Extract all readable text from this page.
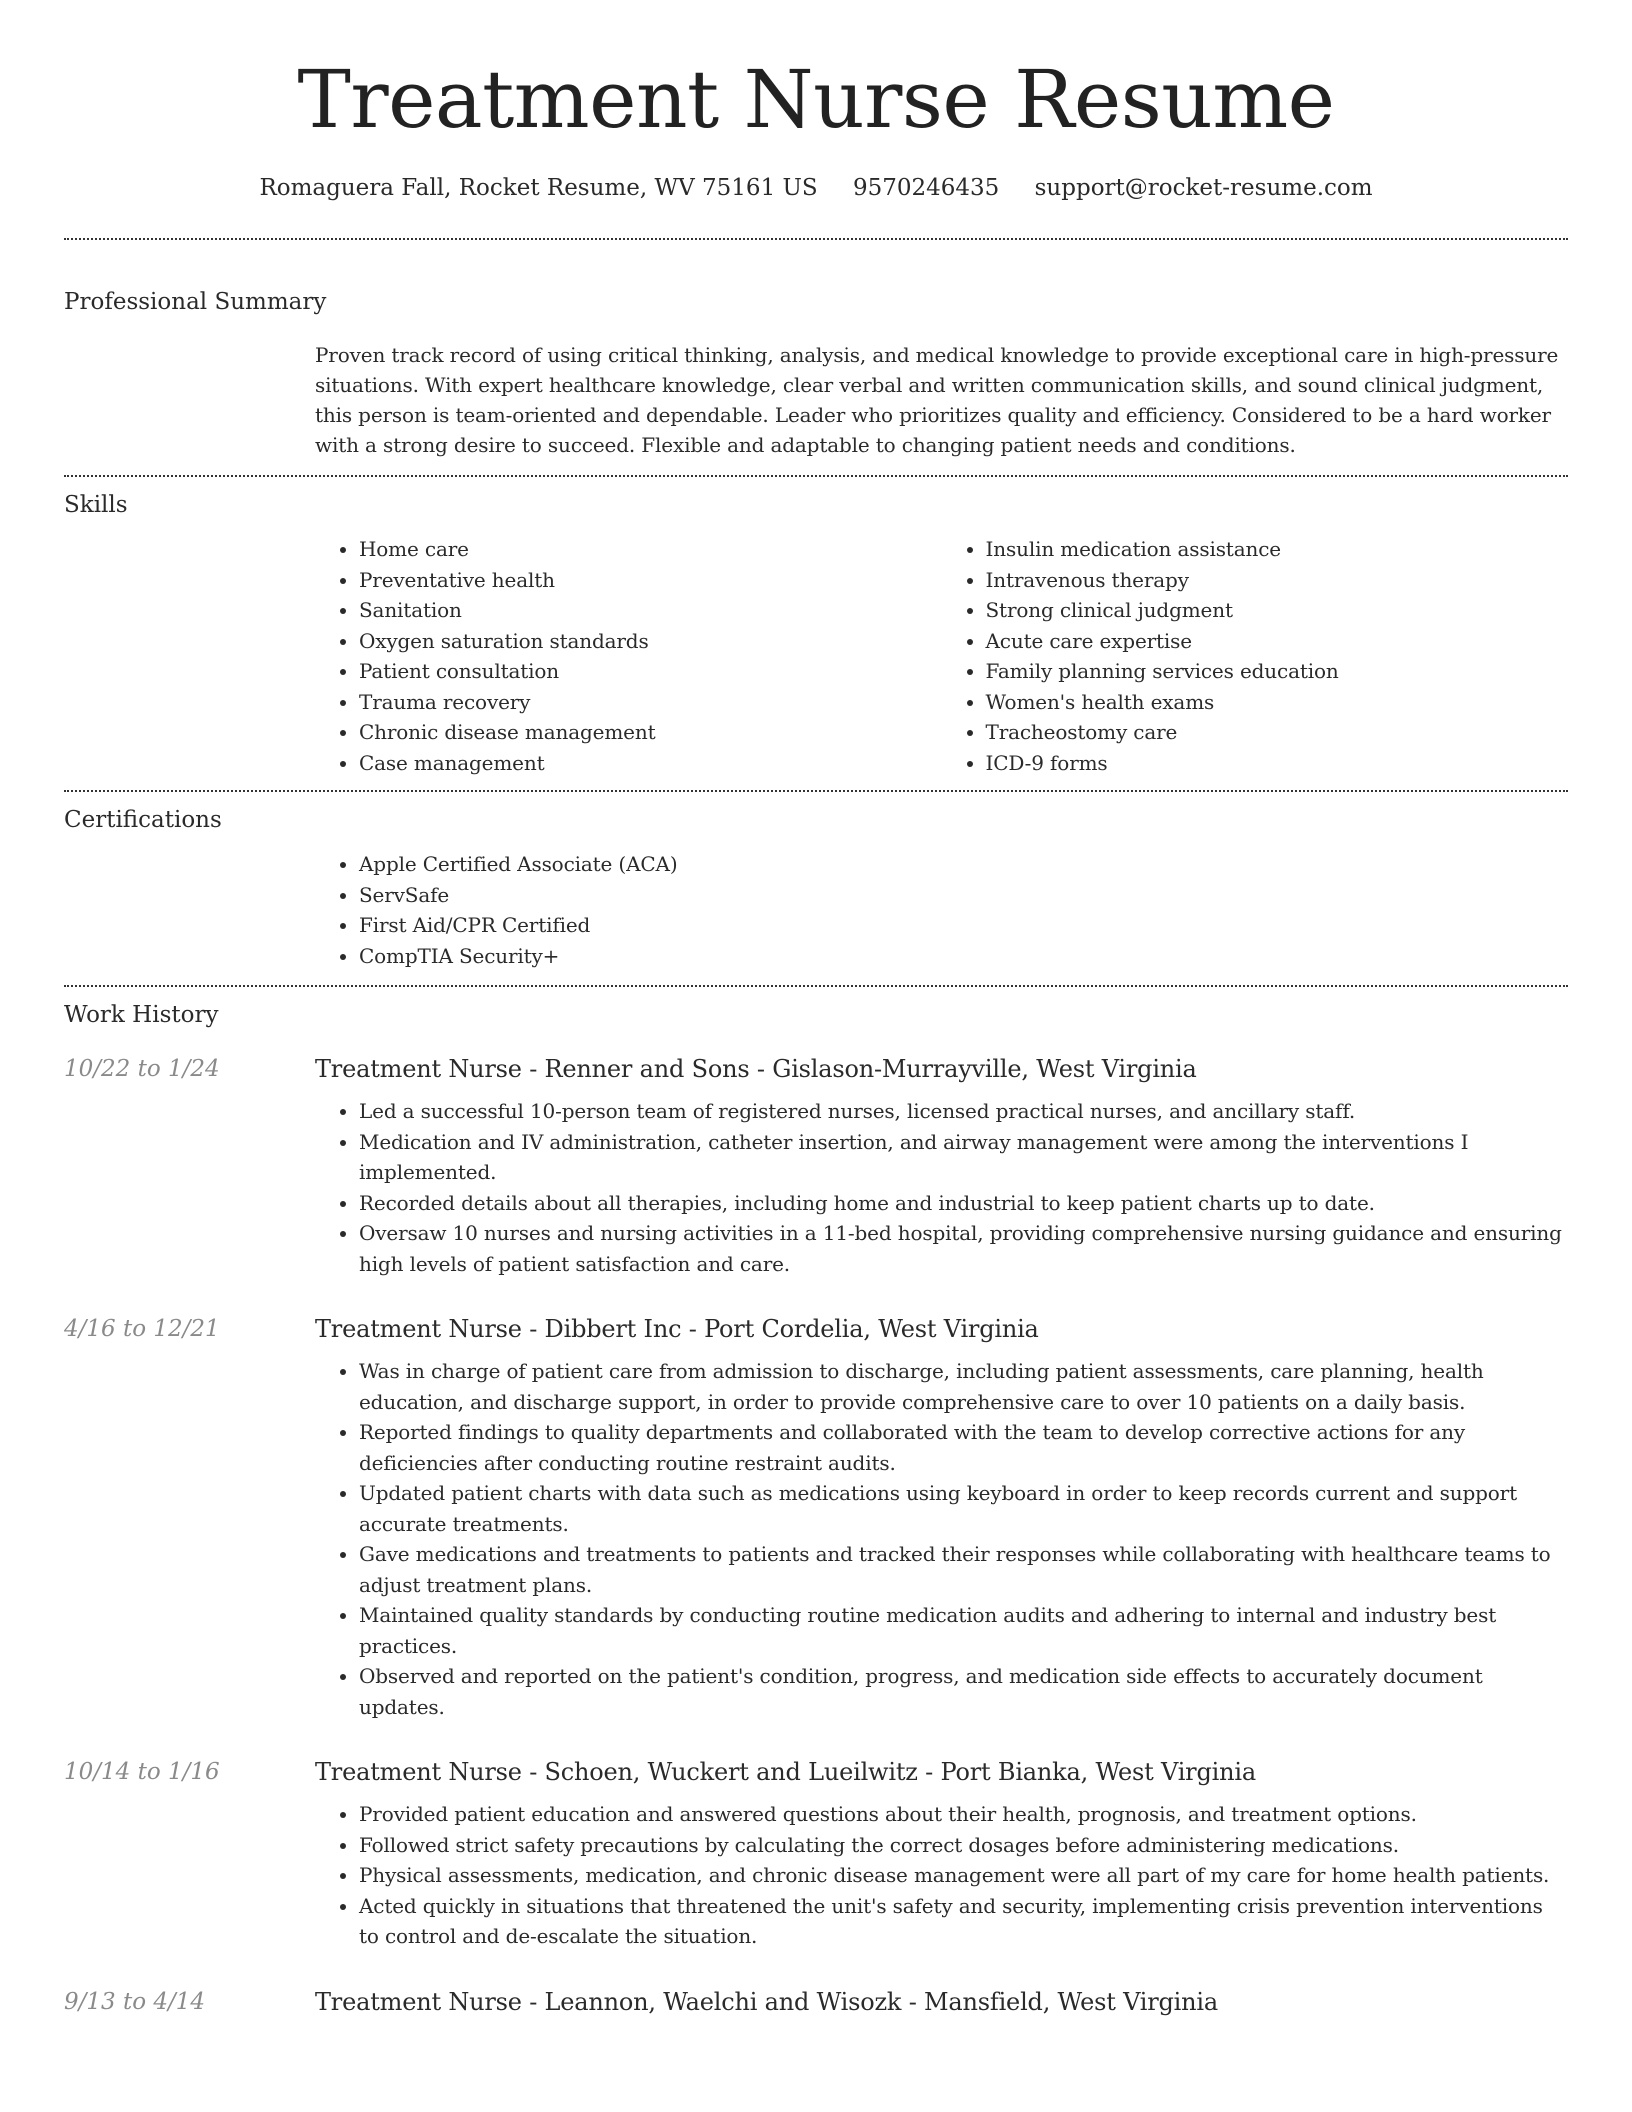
Treatment Nurse Resume
Romaguera Fall, Rocket Resume, WV 75161 US 9570246435 support@rocket-resume.com
Professional Summary
Proven track record of using critical thinking, analysis, and medical knowledge to provide exceptional care in high-pressure situations. With expert healthcare knowledge, clear verbal and written communication skills, and sound clinical judgment, this person is team-oriented and dependable. Leader who prioritizes quality and efficiency. Considered to be a hard worker with a strong desire to succeed. Flexible and adaptable to changing patient needs and conditions.
Skills
• Home care
• Preventative health
• Sanitation
• Oxygen saturation standards
• Patient consultation
• Trauma recovery
• Chronic disease management
• Case management
• Insulin medication assistance
• Intravenous therapy
• Strong clinical judgment
• Acute care expertise
• Family planning services education
• Women's health exams
• Tracheostomy care
• ICD-9 forms
Certifications
• Apple Certified Associate (ACA)
• ServSafe
• First Aid/CPR Certified
• CompTIA Security+
Work History
10/22 to 1/24	Treatment Nurse - Renner and Sons - Gislason-Murrayville, West Virginia
• Led a successful 10-person team of registered nurses, licensed practical nurses, and ancillary staff.
• Medication and IV administration, catheter insertion, and airway management were among the interventions I implemented.
• Recorded details about all therapies, including home and industrial to keep patient charts up to date.
• Oversaw 10 nurses and nursing activities in a 11-bed hospital, providing comprehensive nursing guidance and ensuring high levels of patient satisfaction and care.
4/16 to 12/21	Treatment Nurse - Dibbert Inc - Port Cordelia, West Virginia
• Was in charge of patient care from admission to discharge, including patient assessments, care planning, health education, and discharge support, in order to provide comprehensive care to over 10 patients on a daily basis.
• Reported findings to quality departments and collaborated with the team to develop corrective actions for any deficiencies after conducting routine restraint audits.
• Updated patient charts with data such as medications using keyboard in order to keep records current and support accurate treatments.
• Gave medications and treatments to patients and tracked their responses while collaborating with healthcare teams to adjust treatment plans.
• Maintained quality standards by conducting routine medication audits and adhering to internal and industry best practices.
• Observed and reported on the patient's condition, progress, and medication side effects to accurately document updates.
10/14 to 1/16	Treatment Nurse - Schoen, Wuckert and Lueilwitz - Port Bianka, West Virginia
• Provided patient education and answered questions about their health, prognosis, and treatment options.
• Followed strict safety precautions by calculating the correct dosages before administering medications.
• Physical assessments, medication, and chronic disease management were all part of my care for home health patients.
• Acted quickly in situations that threatened the unit's safety and security, implementing crisis prevention interventions to control and de-escalate the situation.
9/13 to 4/14	Treatment Nurse - Leannon, Waelchi and Wisozk - Mansfield, West Virginia
